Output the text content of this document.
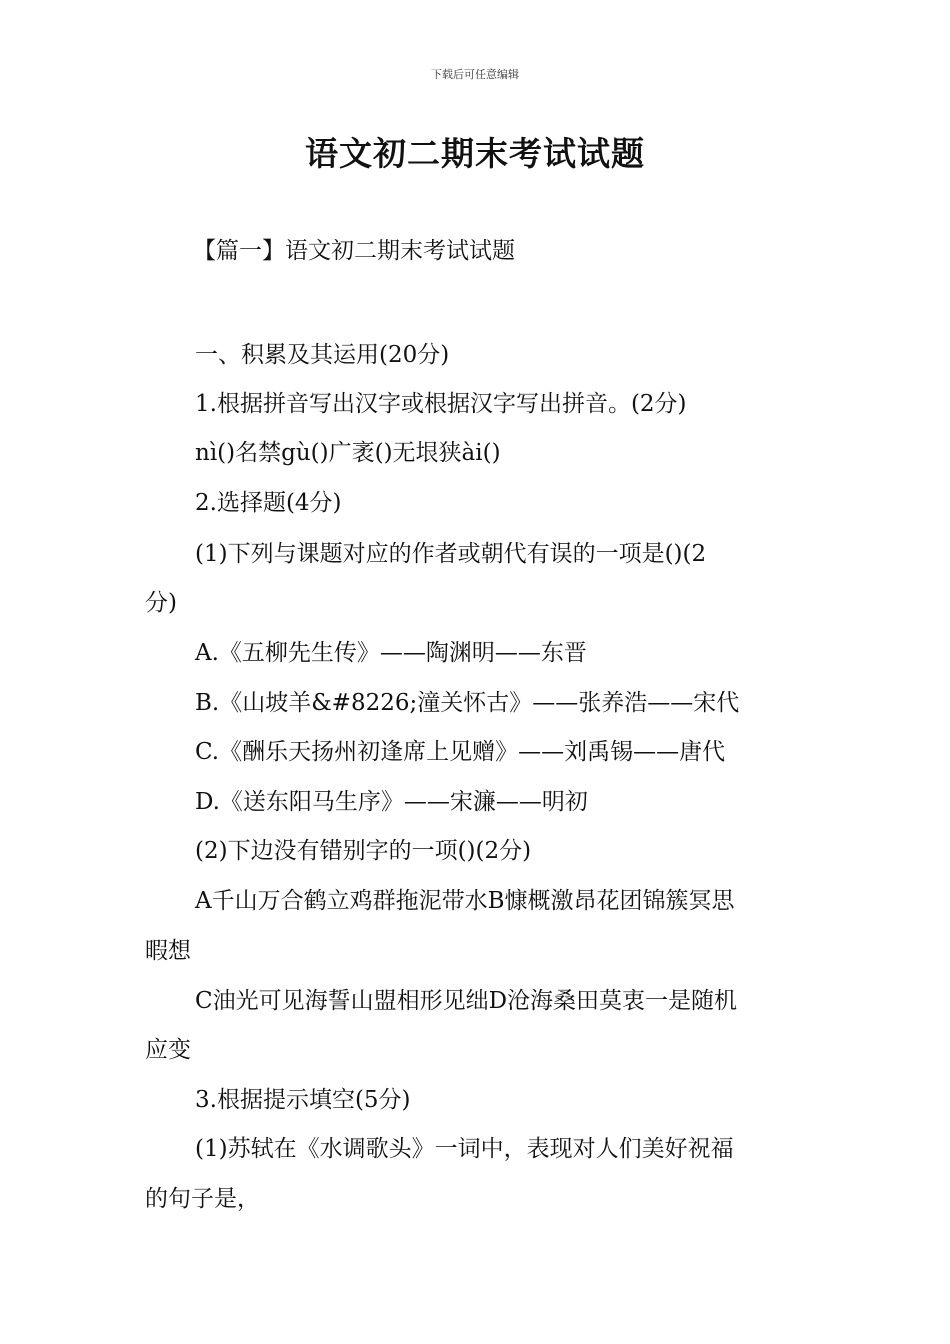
下载后可任意编辑
语文初二期末考试试题
【篇一】语文初二期末考试试题
一、积累及其运用(20分)
1.根据拼音写出汉字或根据汉字写出拼音。(2分)
nì()名禁gù()广袤()无垠狭ài()
2.选择题(4分)
(1)下列与课题对应的作者或朝代有误的一项是()(2
分)
A.《五柳先生传》——陶渊明——东晋
B.《山坡羊&#8226;潼关怀古》——张养浩——宋代
C.《酬乐天扬州初逢席上见赠》——刘禹锡——唐代
D.《送东阳马生序》——宋濂——明初
(2)下边没有错别字的一项()(2分)
A千山万合鹤立鸡群拖泥带水B慷概激昂花团锦簇冥思
暇想
C油光可见海誓山盟相形见绌D沧海桑田莫衷一是随机
应变
3.根据提示填空(5分)
(1)苏轼在《水调歌头》一词中，表现对人们美好祝福
的句子是，
